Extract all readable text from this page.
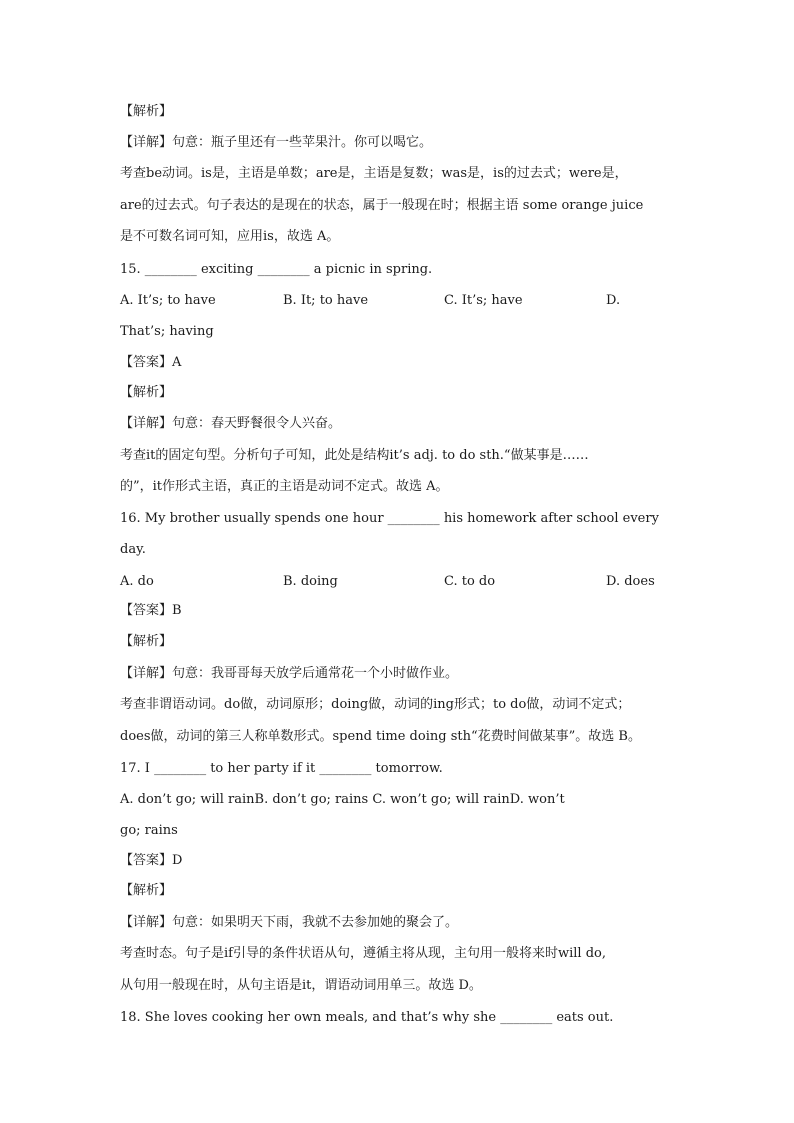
【解析】
【详解】句意：瓶子里还有一些苹果汁。你可以喝它。
考查be动词。is是，主语是单数；are是，主语是复数；was是，is的过去式；were是，
are的过去式。句子表达的是现在的状态，属于一般现在时；根据主语 some orange juice
是不可数名词可知，应用is，故选 A。
15. ________ exciting ________ a picnic in spring.
A. It’s; to have	B. It; to have	C. It’s; have	D.
That’s; having
【答案】A
【解析】
【详解】句意：春天野餐很令人兴奋。
考查it的固定句型。分析句子可知，此处是结构it’s adj. to do sth.“做某事是……
的”，it作形式主语，真正的主语是动词不定式。故选 A。
16. My brother usually spends one hour ________ his homework after school every
day.
A. do	B. doing	C. to do	D. does
【答案】B
【解析】
【详解】句意：我哥哥每天放学后通常花一个小时做作业。
考查非谓语动词。do做，动词原形；doing做，动词的ing形式；to do做，动词不定式；
does做，动词的第三人称单数形式。spend time doing sth“花费时间做某事”。故选 B。
17. I ________ to her party if it ________ tomorrow.
A. don’t go; will rainB. don’t go; rains C. won’t go; will rainD. won’t
go; rains
【答案】D
【解析】
【详解】句意：如果明天下雨，我就不去参加她的聚会了。
考查时态。句子是if引导的条件状语从句，遵循主将从现，主句用一般将来时will do,
从句用一般现在时，从句主语是it，谓语动词用单三。故选 D。
18. She loves cooking her own meals, and that’s why she ________ eats out.
